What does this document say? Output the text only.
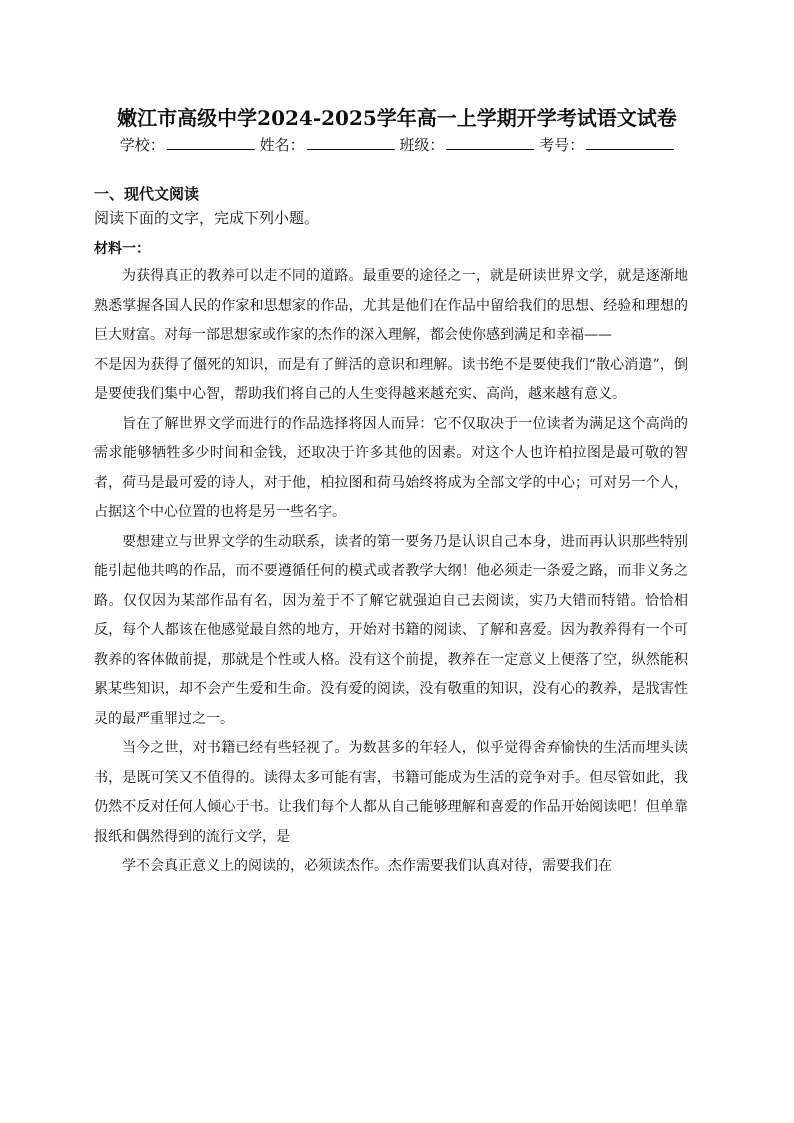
嫩江市高级中学2024-2025学年高一上学期开学考试语文试卷
学校：	姓名：	班级：	考号：
一、现代文阅读
阅读下面的文字，完成下列小题。
材料一：

为获得真正的教养可以走不同的道路。最重要的途径之一，就是研读世界文学，就是逐渐地熟悉掌握各国人民的作家和思想家的作品，尤其是他们在作品中留给我们的思想、经验和理想的巨大财富。对每一部思想家或作家的杰作的深入理解，都会使你感到满足和幸福——

不是因为获得了僵死的知识，而是有了鲜活的意识和理解。读书绝不是要使我们“散心消遣”，倒是要使我们集中心智，帮助我们将自己的人生变得越来越充实、高尚，越来越有意义。

旨在了解世界文学而进行的作品选择将因人而异：它不仅取决于一位读者为满足这个高尚的需求能够牺牲多少时间和金钱，还取决于许多其他的因素。对这个人也许柏拉图是最可敬的智者，荷马是最可爱的诗人，对于他，柏拉图和荷马始终将成为全部文学的中心；可对另一个人，占据这个中心位置的也将是另一些名字。

要想建立与世界文学的生动联系，读者的第一要务乃是认识自己本身，进而再认识那些特别能引起他共鸣的作品，而不要遵循任何的模式或者教学大纲！他必须走一条爱之路，而非义务之路。仅仅因为某部作品有名，因为羞于不了解它就强迫自己去阅读，实乃大错而特错。恰恰相反，每个人都该在他感觉最自然的地方，开始对书籍的阅读、了解和喜爱。因为教养得有一个可教养的客体做前提，那就是个性或人格。没有这个前提，教养在一定意义上便落了空，纵然能积累某些知识，却不会产生爱和生命。没有爱的阅读，没有敬重的知识，没有心的教养，是戕害性灵的最严重罪过之一。

当今之世，对书籍已经有些轻视了。为数甚多的年轻人，似乎觉得舍弃愉快的生活而埋头读书，是既可笑又不值得的。读得太多可能有害，书籍可能成为生活的竞争对手。但尽管如此，我仍然不反对任何人倾心于书。让我们每个人都从自己能够理解和喜爱的作品开始阅读吧！但单靠报纸和偶然得到的流行文学，是

学不会真正意义上的阅读的，必须读杰作。杰作需要我们认真对待，需要我们在
